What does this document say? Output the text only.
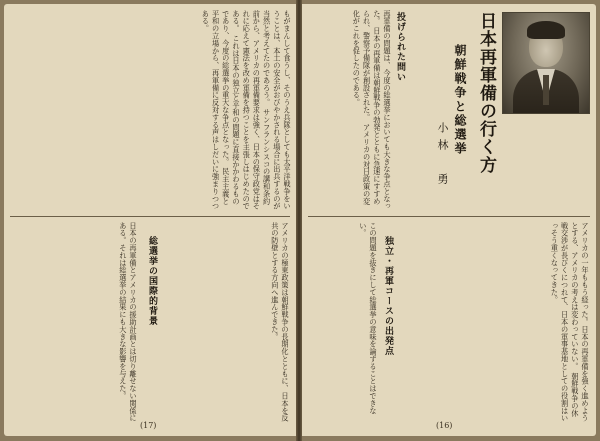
もがまんして食うし、そのうえ兵隊としても太平洋戦争をいうことは、本土の安全がおびやかされる場合に出兵するのが当然と考えてたのであろう。 サンフランシスコの講和条約前から、アメリカの再軍備要求は強く、日本の保守政党はそれに応えて憲法を改め軍備を持つことを主張しはじめたのである。 これは日本の独立と平和の問題に直接かかわるものであり、今度の総選挙の重大な争点となった。 民主主義と平和の立場から、再軍備に反対する声はしだいに強まりつつある。
総選挙の国際的背景
日本の再軍備とアメリカの援助計画とは切り離せない関係にある。それは総選挙の結果にも大きな影響を与えた。	アメリカの極東政策は朝鮮戦争の長期化とともに、日本を反共の防壁とする方向へ進んできた。
(17)
日本再軍備の行く方
朝鮮戦争と総選挙
小林　勇
投げられた問い
再軍備の問題は、今度の総選挙においても大きな争点となった。 日本の再軍備は朝鮮戦争の勃発とともに急速にすすめられ、警察予備隊が創設された。 アメリカの対日政策の変化がこれを促したのである。
独立・再軍コースの出発点
この問題を抜きにして総選挙の意味を論ずることはできない。	アメリカの一年ももう経った。日本の再軍備を強く進めようとする、アメリカの考えは変わっていない。 朝鮮戦争の休戦交渉が長びくにつれて、日本の軍事基地としての役割はいっそう重くなってきた。
(16)
